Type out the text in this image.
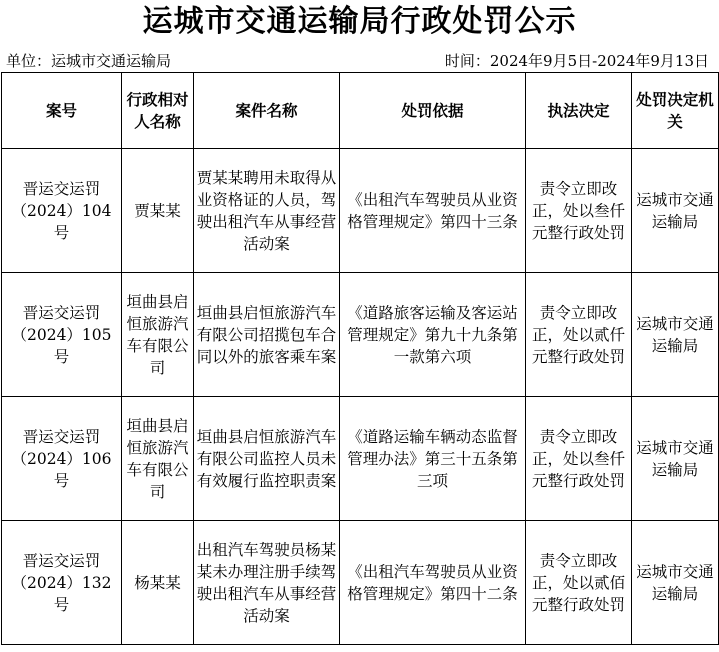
运城市交通运输局行政处罚公示
单位：运城市交通运输局	时间：2024年9月5日-2024年9月13日
案号	行政相对人名称	案件名称	处罚依据	执法决定	处罚决定机关
晋运交运罚（2024）104号	贾某某	贾某某聘用未取得从业资格证的人员，驾驶出租汽车从事经营活动案	《出租汽车驾驶员从业资格管理规定》第四十三条	责令立即改正，处以叁仟元整行政处罚	运城市交通运输局
晋运交运罚（2024）105号	垣曲县启恒旅游汽车有限公司	垣曲县启恒旅游汽车有限公司招揽包车合同以外的旅客乘车案	《道路旅客运输及客运站管理规定》第九十九条第一款第六项	责令立即改正，处以贰仟元整行政处罚	运城市交通运输局
晋运交运罚（2024）106号	垣曲县启恒旅游汽车有限公司	垣曲县启恒旅游汽车有限公司监控人员未有效履行监控职责案	《道路运输车辆动态监督管理办法》第三十五条第三项	责令立即改正，处以叁仟元整行政处罚	运城市交通运输局
晋运交运罚（2024）132号	杨某某	出租汽车驾驶员杨某某未办理注册手续驾驶出租汽车从事经营活动案	《出租汽车驾驶员从业资格管理规定》第四十二条	责令立即改正，处以贰佰元整行政处罚	运城市交通运输局
